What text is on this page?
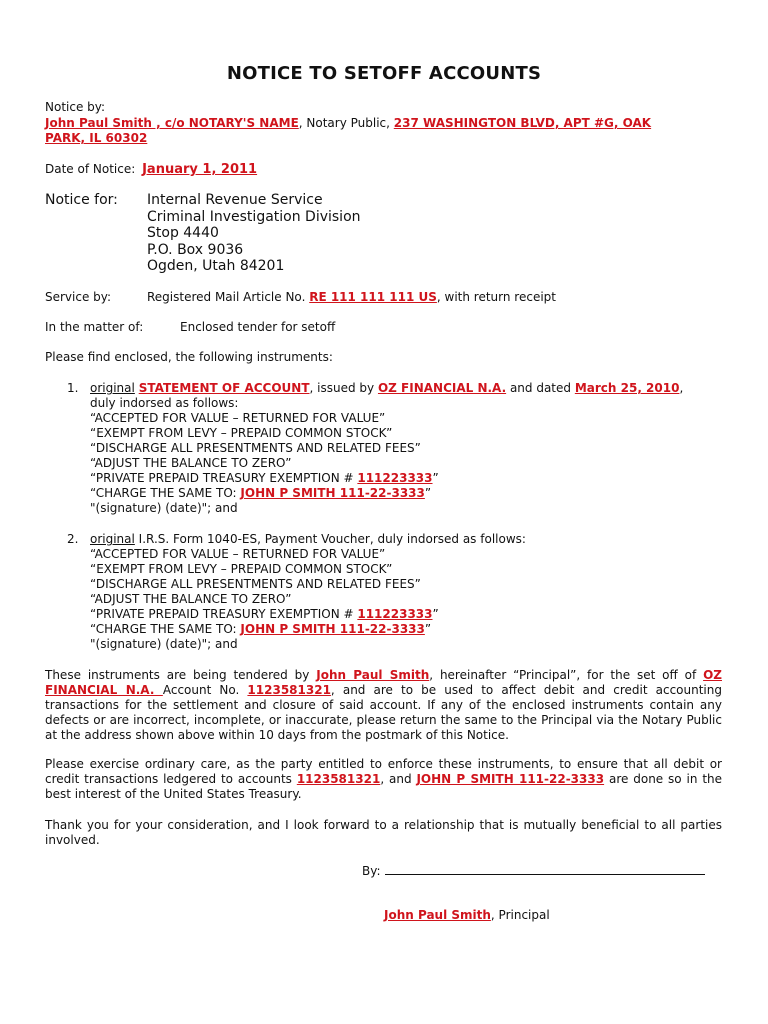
NOTICE TO SETOFF ACCOUNTS
Notice by:
John Paul Smith , c/o NOTARY'S NAME, Notary Public, 237 WASHINGTON BLVD, APT #G, OAK
PARK, IL 60302
Date of Notice: January 1, 2011
Notice for: Internal Revenue Service
Criminal Investigation Division
Stop 4440
P.O. Box 9036
Ogden, Utah 84201
Service by:	Registered Mail Article No. RE 111 111 111 US, with return receipt
In the matter of:	Enclosed tender for setoff
Please find enclosed, the following instruments:
1. original STATEMENT OF ACCOUNT, issued by OZ FINANCIAL N.A. and dated March 25, 2010,
duly indorsed as follows:
“ACCEPTED FOR VALUE – RETURNED FOR VALUE”
“EXEMPT FROM LEVY – PREPAID COMMON STOCK”
“DISCHARGE ALL PRESENTMENTS AND RELATED FEES”
“ADJUST THE BALANCE TO ZERO”
“PRIVATE PREPAID TREASURY EXEMPTION # 111223333”
“CHARGE THE SAME TO: JOHN P SMITH 111-22-3333”
"(signature) (date)"; and
2. original I.R.S. Form 1040-ES, Payment Voucher, duly indorsed as follows:
“ACCEPTED FOR VALUE – RETURNED FOR VALUE”
“EXEMPT FROM LEVY – PREPAID COMMON STOCK”
“DISCHARGE ALL PRESENTMENTS AND RELATED FEES”
“ADJUST THE BALANCE TO ZERO”
“PRIVATE PREPAID TREASURY EXEMPTION # 111223333”
“CHARGE THE SAME TO: JOHN P SMITH 111-22-3333”
"(signature) (date)"; and
These instruments are being tendered by John Paul Smith, hereinafter “Principal”, for the set off of OZ FINANCIAL N.A. Account No. 1123581321, and are to be used to affect debit and credit accounting transactions for the settlement and closure of said account. If any of the enclosed instruments contain any defects or are incorrect, incomplete, or inaccurate, please return the same to the Principal via the Notary Public at the address shown above within 10 days from the postmark of this Notice.
Please exercise ordinary care, as the party entitled to enforce these instruments, to ensure that all debit or credit transactions ledgered to accounts 1123581321, and JOHN P SMITH 111-22-3333 are done so in the best interest of the United States Treasury.
Thank you for your consideration, and I look forward to a relationship that is mutually beneficial to all parties involved.
By:
John Paul Smith, Principal
